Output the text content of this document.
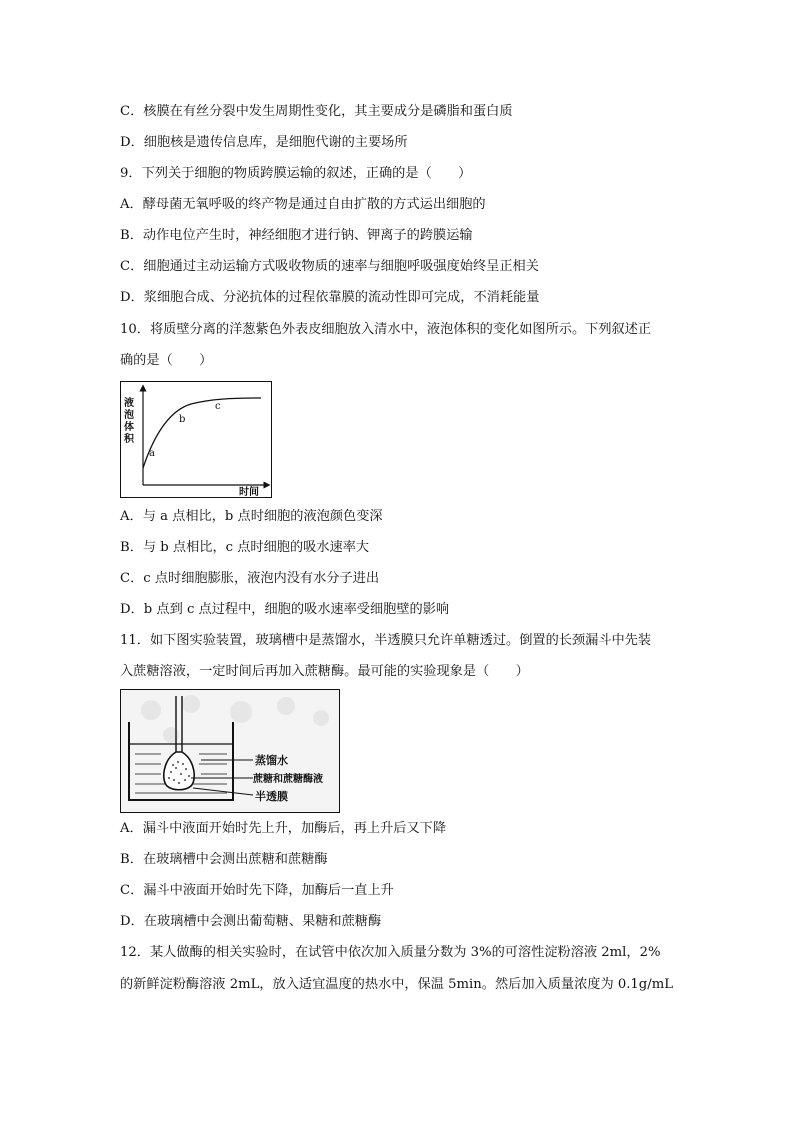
C．核膜在有丝分裂中发生周期性变化，其主要成分是磷脂和蛋白质
D．细胞核是遗传信息库，是细胞代谢的主要场所
9．下列关于细胞的物质跨膜运输的叙述，正确的是（　　）
A．酵母菌无氧呼吸的终产物是通过自由扩散的方式运出细胞的
B．动作电位产生时，神经细胞才进行钠、钾离子的跨膜运输
C．细胞通过主动运输方式吸收物质的速率与细胞呼吸强度始终呈正相关
D．浆细胞合成、分泌抗体的过程依靠膜的流动性即可完成，不消耗能量
10．将质壁分离的洋葱紫色外表皮细胞放入清水中，液泡体积的变化如图所示。下列叙述正
确的是（　　）
a
b
c
时间
液泡体积
A．与 a 点相比，b 点时细胞的液泡颜色变深
B．与 b 点相比，c 点时细胞的吸水速率大
C．c 点时细胞膨胀，液泡内没有水分子进出
D．b 点到 c 点过程中，细胞的吸水速率受细胞壁的影响
11．如下图实验装置，玻璃槽中是蒸馏水，半透膜只允许单糖透过。倒置的长颈漏斗中先装
入蔗糖溶液，一定时间后再加入蔗糖酶。最可能的实验现象是（　　）
蒸馏水
蔗糖和蔗糖酶液
半透膜
A．漏斗中液面开始时先上升，加酶后，再上升后又下降
B．在玻璃槽中会测出蔗糖和蔗糖酶
C．漏斗中液面开始时先下降，加酶后一直上升
D．在玻璃槽中会测出葡萄糖、果糖和蔗糖酶
12．某人做酶的相关实验时，在试管中依次加入质量分数为 3%的可溶性淀粉溶液 2ml，2%
的新鲜淀粉酶溶液 2mL，放入适宜温度的热水中，保温 5min。然后加入质量浓度为 0.1g/mL
